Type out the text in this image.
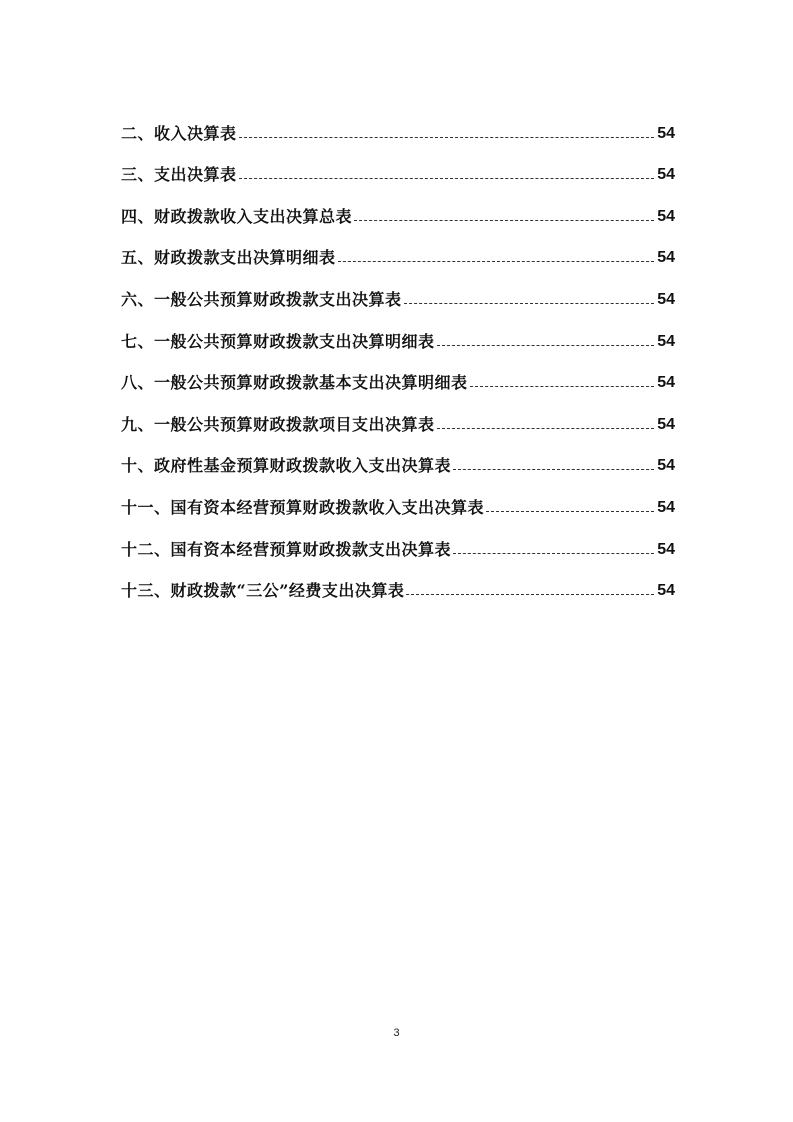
二、收入决算表	54
三、支出决算表	54
四、财政拨款收入支出决算总表	54
五、财政拨款支出决算明细表	54
六、一般公共预算财政拨款支出决算表	54
七、一般公共预算财政拨款支出决算明细表	54
八、一般公共预算财政拨款基本支出决算明细表	54
九、一般公共预算财政拨款项目支出决算表	54
十、政府性基金预算财政拨款收入支出决算表	54
十一、国有资本经营预算财政拨款收入支出决算表	54
十二、国有资本经营预算财政拨款支出决算表	54
十三、财政拨款“三公”经费支出决算表	54
3
